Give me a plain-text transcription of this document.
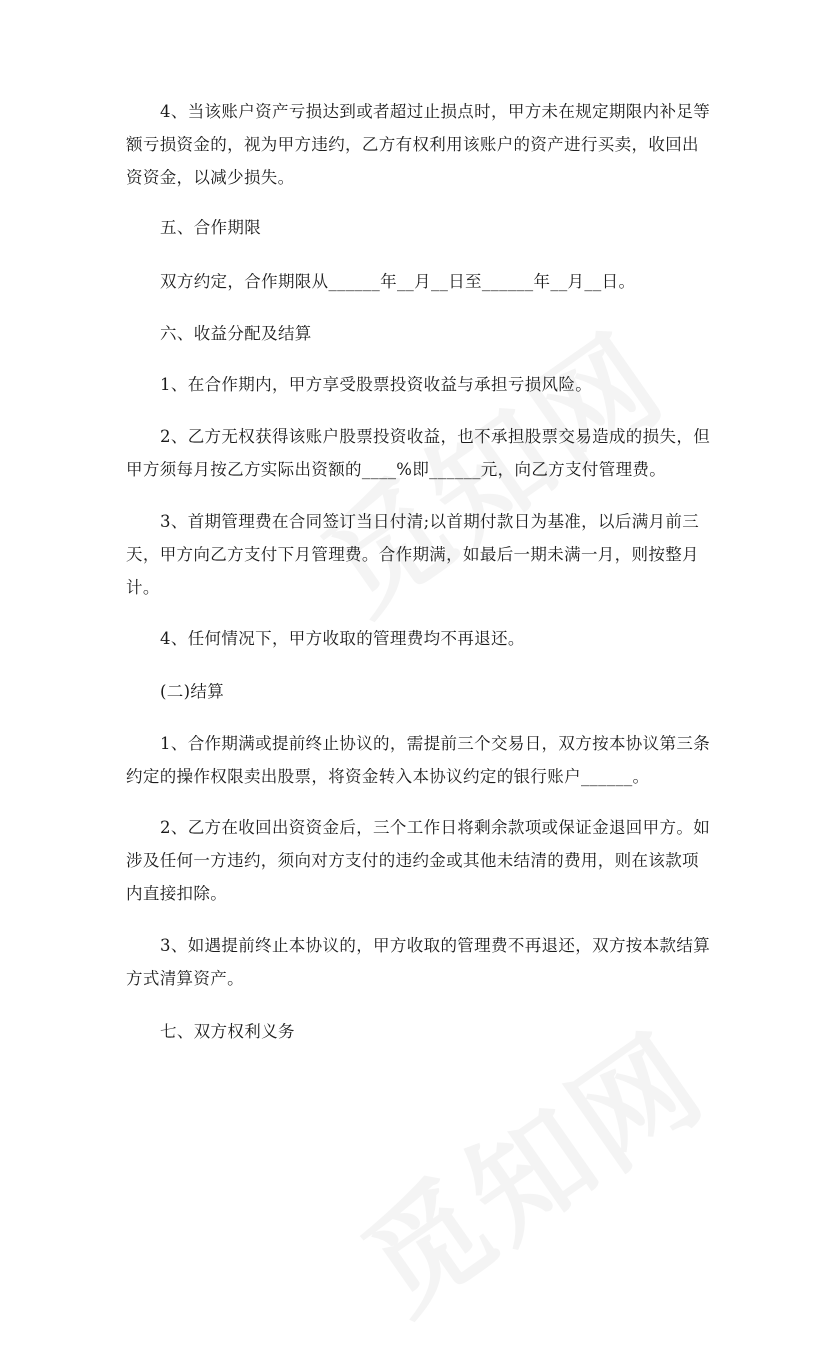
4、当该账户资产亏损达到或者超过止损点时，甲方未在规定期限内补足等
额亏损资金的，视为甲方违约，乙方有权利用该账户的资产进行买卖，收回出
资资金，以减少损失。
五、合作期限
双方约定，合作期限从______年__月__日至______年__月__日。
六、收益分配及结算
1、在合作期内，甲方享受股票投资收益与承担亏损风险。
2、乙方无权获得该账户股票投资收益，也不承担股票交易造成的损失，但
甲方须每月按乙方实际出资额的____%即______元，向乙方支付管理费。
3、首期管理费在合同签订当日付清;以首期付款日为基准，以后满月前三
天，甲方向乙方支付下月管理费。合作期满，如最后一期未满一月，则按整月
计。
4、任何情况下，甲方收取的管理费均不再退还。
(二)结算
1、合作期满或提前终止协议的，需提前三个交易日，双方按本协议第三条
约定的操作权限卖出股票，将资金转入本协议约定的银行账户______。
2、乙方在收回出资资金后，三个工作日将剩余款项或保证金退回甲方。如
涉及任何一方违约，须向对方支付的违约金或其他未结清的费用，则在该款项
内直接扣除。
3、如遇提前终止本协议的，甲方收取的管理费不再退还，双方按本款结算
方式清算资产。
七、双方权利义务
